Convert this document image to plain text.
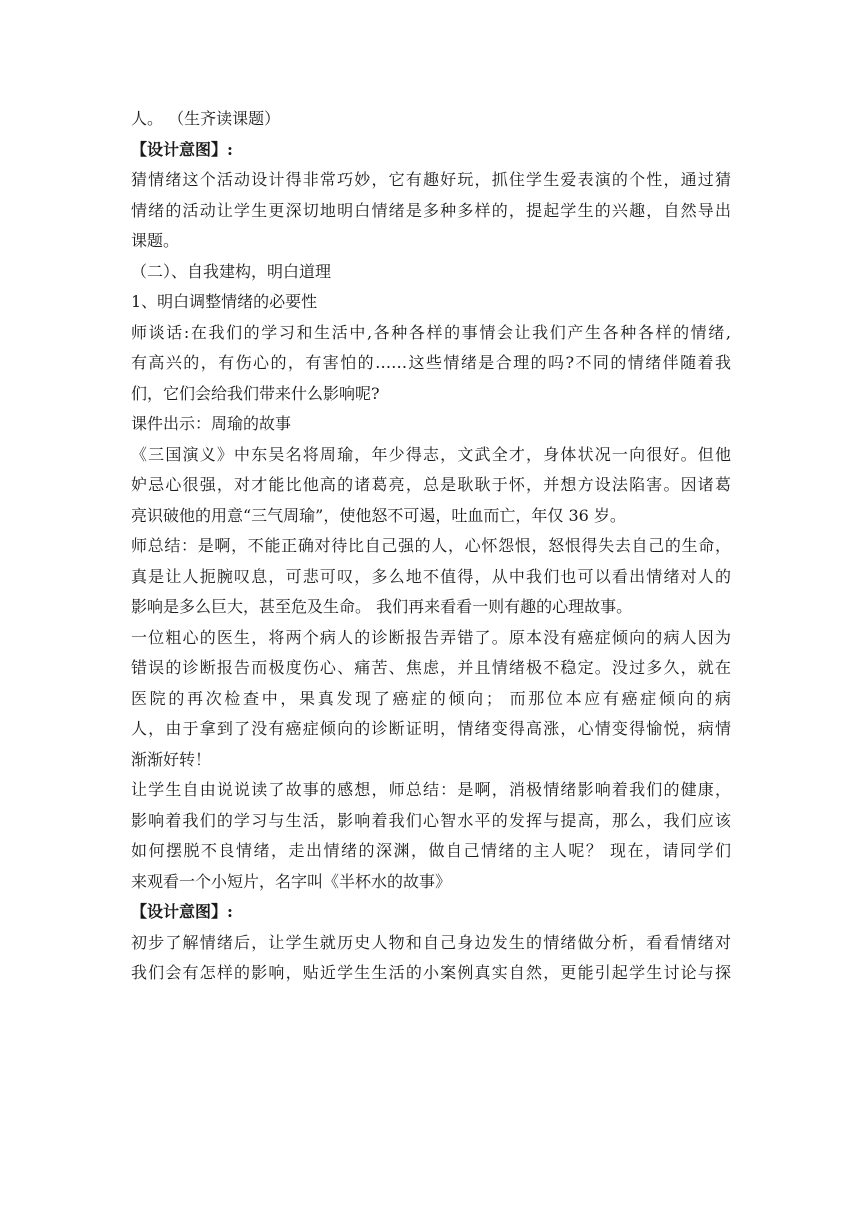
人。 （生齐读课题）
【设计意图】:
猜情绪这个活动设计得非常巧妙，它有趣好玩，抓住学生爱表演的个性，通过猜
情绪的活动让学生更深切地明白情绪是多种多样的，提起学生的兴趣，自然导出
课题。
（二）、自我建构，明白道理
1、明白调整情绪的必要性
师谈话:在我们的学习和生活中,各种各样的事情会让我们产生各种各样的情绪,
有高兴的，有伤心的，有害怕的……这些情绪是合理的吗?不同的情绪伴随着我
们，它们会给我们带来什么影响呢?
课件出示：周瑜的故事
《三国演义》中东吴名将周瑜，年少得志，文武全才，身体状况一向很好。但他
妒忌心很强，对才能比他高的诸葛亮，总是耿耿于怀，并想方设法陷害。因诸葛
亮识破他的用意“三气周瑜”，使他怒不可遏，吐血而亡，年仅 36 岁。
师总结：是啊，不能正确对待比自己强的人，心怀怨恨，怒恨得失去自己的生命，
真是让人扼腕叹息，可悲可叹，多么地不值得，从中我们也可以看出情绪对人的
影响是多么巨大，甚至危及生命。 我们再来看看一则有趣的心理故事。
一位粗心的医生，将两个病人的诊断报告弄错了。原本没有癌症倾向的病人因为
错误的诊断报告而极度伤心、痛苦、焦虑，并且情绪极不稳定。没过多久，就在
医院的再次检查中，果真发现了癌症的倾向； 而那位本应有癌症倾向的病
人，由于拿到了没有癌症倾向的诊断证明，情绪变得高涨，心情变得愉悦，病情
渐渐好转！
让学生自由说说读了故事的感想，师总结：是啊，消极情绪影响着我们的健康，
影响着我们的学习与生活，影响着我们心智水平的发挥与提高，那么，我们应该
如何摆脱不良情绪，走出情绪的深渊，做自己情绪的主人呢？ 现在，请同学们
来观看一个小短片，名字叫《半杯水的故事》
【设计意图】:
初步了解情绪后，让学生就历史人物和自己身边发生的情绪做分析，看看情绪对
我们会有怎样的影响，贴近学生生活的小案例真实自然，更能引起学生讨论与探
